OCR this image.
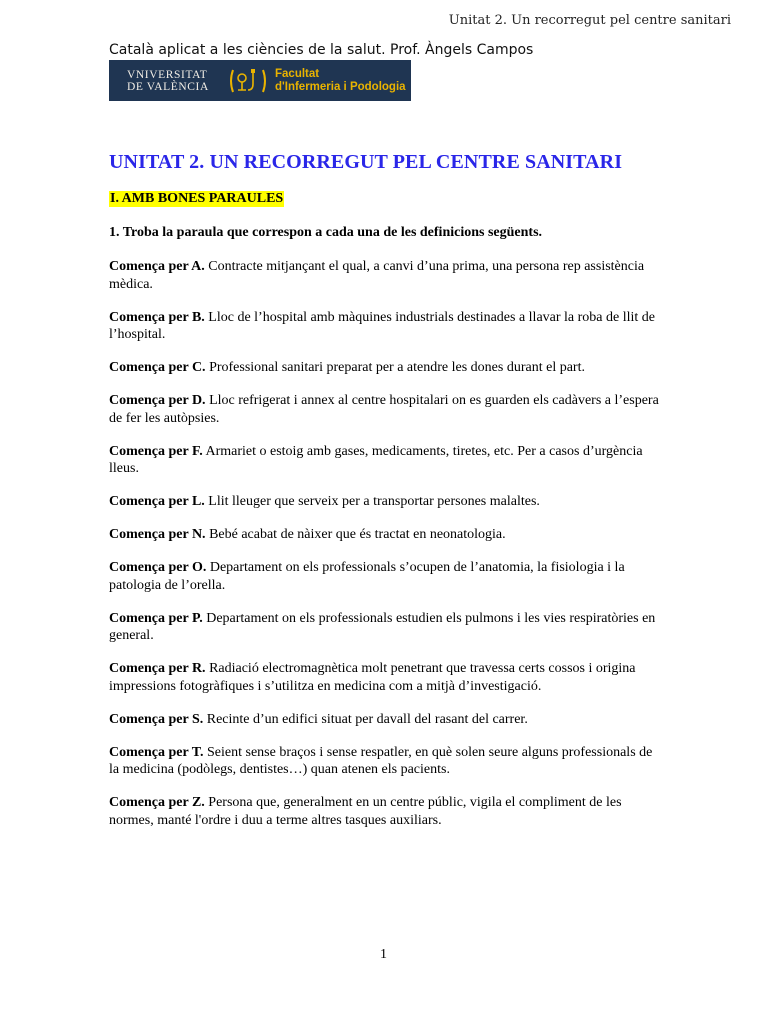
Unitat 2. Un recorregut pel centre sanitari
Català aplicat a les ciències de la salut. Prof. Àngels Campos
VNIVERSITAT
DE VALÈNCIA
Facultat
d'Infermeria i Podologia
UNITAT 2. UN RECORREGUT PEL CENTRE SANITARI
I. AMB BONES PARAULES

1. Troba la paraula que correspon a cada una de les definicions següents.

Comença per A. Contracte mitjançant el qual, a canvi d’una prima, una persona rep assistència mèdica.
Comença per B. Lloc de l’hospital amb màquines industrials destinades a llavar la roba de llit de l’hospital.
Comença per C. Professional sanitari preparat per a atendre les dones durant el part.
Comença per D. Lloc refrigerat i annex al centre hospitalari on es guarden els cadàvers a l’espera de fer les autòpsies.
Comença per F. Armariet o estoig amb gases, medicaments, tiretes, etc. Per a casos d’urgència lleus.
Comença per L. Llit lleuger que serveix per a transportar persones malaltes.
Comença per N. Bebé acabat de nàixer que és tractat en neonatologia.
Comença per O. Departament on els professionals s’ocupen de l’anatomia, la fisiologia i la patologia de l’orella.
Comença per P. Departament on els professionals estudien els pulmons i les vies respiratòries en general.
Comença per R. Radiació electromagnètica molt penetrant que travessa certs cossos i origina impressions fotogràfiques i s’utilitza en medicina com a mitjà d’investigació.
Comença per S. Recinte d’un edifici situat per davall del rasant del carrer.
Comença per T. Seient sense braços i sense respatler, en què solen seure alguns professionals de la medicina (podòlegs, dentistes…) quan atenen els pacients.
Comença per Z. Persona que, generalment en un centre públic, vigila el compliment de les normes, manté l'ordre i duu a terme altres tasques auxiliars.
1
